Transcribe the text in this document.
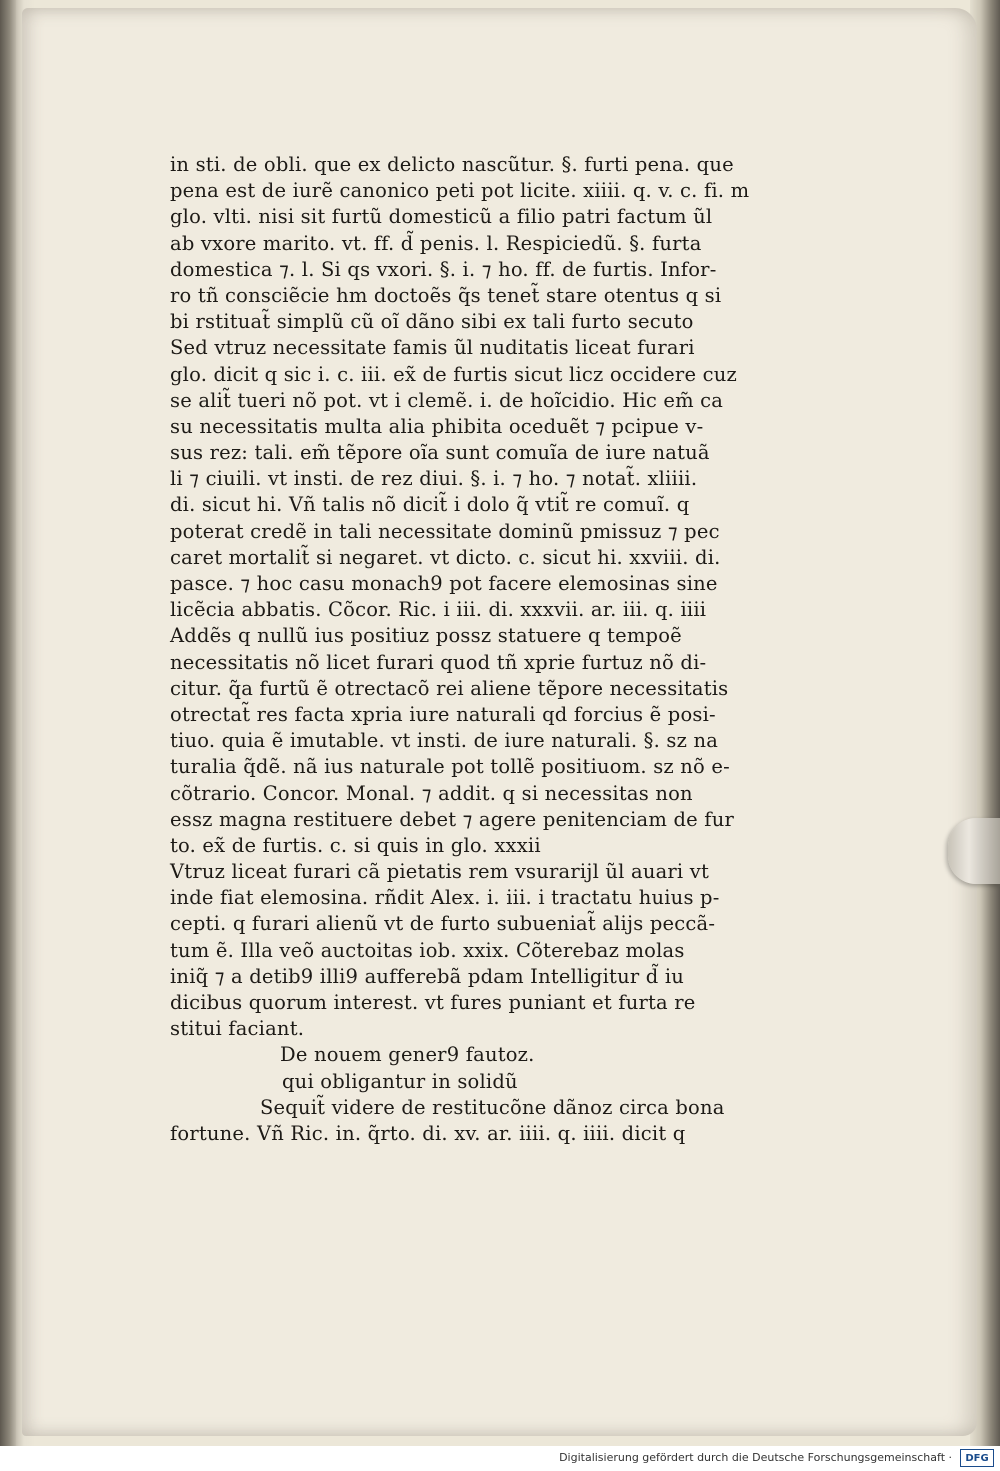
in sti. de obli. que ex delicto nascũtur. §. furti pena. que
pena est de iurẽ canonico peti pot licite. xiiii. q. v. c. fi. m
glo. vlti. nisi sit furtũ domesticũ a filio patri factum ũl
ab vxore marito. vt. ff. d̃ penis. l. Respiciedũ. §. furta
domestica ⁊. l. Si qs vxori. §. i. ⁊ ho. ff. de furtis. Infor-
ro tñ consciẽcie hm doctoẽs q̃s tenet̃ stare otentus q si
bi rstituat̃ simplũ cũ oĩ dãno sibi ex tali furto secuto
Sed vtruz necessitate famis ũl nuditatis liceat furari
glo. dicit q sic i. c. iii. ex̃ de furtis sicut licz occidere cuz
se alit̃ tueri nõ pot. vt i clemẽ. i. de hoĩcidio. Hic em̃ ca
su necessitatis multa alia phibita oceduẽt ⁊ pcipue v-
sus rez: tali. em̃ tẽpore oĩa sunt comuĩa de iure natuã
li ⁊ ciuili. vt insti. de rez diui. §. i. ⁊ ho. ⁊ notat̃. xliiii.
di. sicut hi. Vñ talis nõ dicit̃ i dolo q̃ vtit̃ re comuĩ. q
poterat credẽ in tali necessitate dominũ pmissuz ⁊ pec
caret mortalit̃ si negaret. vt dicto. c. sicut hi. xxviii. di.
pasce. ⁊ hoc casu monach9 pot facere elemosinas sine
licẽcia abbatis. Cõcor. Ric. i iii. di. xxxvii. ar. iii. q. iiii
Addẽs q nullũ ius positiuz possz statuere q tempoẽ
necessitatis nõ licet furari quod tñ xprie furtuz nõ di-
citur. q̃a furtũ ẽ otrectacõ rei aliene tẽpore necessitatis
otrectat̃ res facta xpria iure naturali qd forcius ẽ posi-
tiuo. quia ẽ imutable. vt insti. de iure naturali. §. sz na
turalia q̃dẽ. nã ius naturale pot tollẽ positiuom. sz nõ e-
cõtrario. Concor. Monal. ⁊ addit. q si necessitas non
essz magna restituere debet ⁊ agere penitenciam de fur
to. ex̃ de furtis. c. si quis in glo. xxxii
Vtruz liceat furari cã pietatis rem vsurarijl ũl auari vt
inde fiat elemosina. rñdit Alex. i. iii. i tractatu huius p-
cepti. q furari alienũ vt de furto subueniat̃ alijs peccã-
tum ẽ. Illa veõ auctoitas iob. xxix. Cõterebaz molas
iniq̃ ⁊ a detib9 illi9 aufferebã pdam Intelligitur d̃ iu
dicibus quorum interest. vt fures puniant et furta re
stitui faciant.
De nouem gener9 fautoz.
qui obligantur in solidũ
Sequit̃ videre de restitucõne dãnoz circa bona
fortune. Vñ Ric. in. q̃rto. di. xv. ar. iiii. q. iiii. dicit q
Digitalisierung gefördert durch die Deutsche Forschungsgemeinschaft ·	DFG
